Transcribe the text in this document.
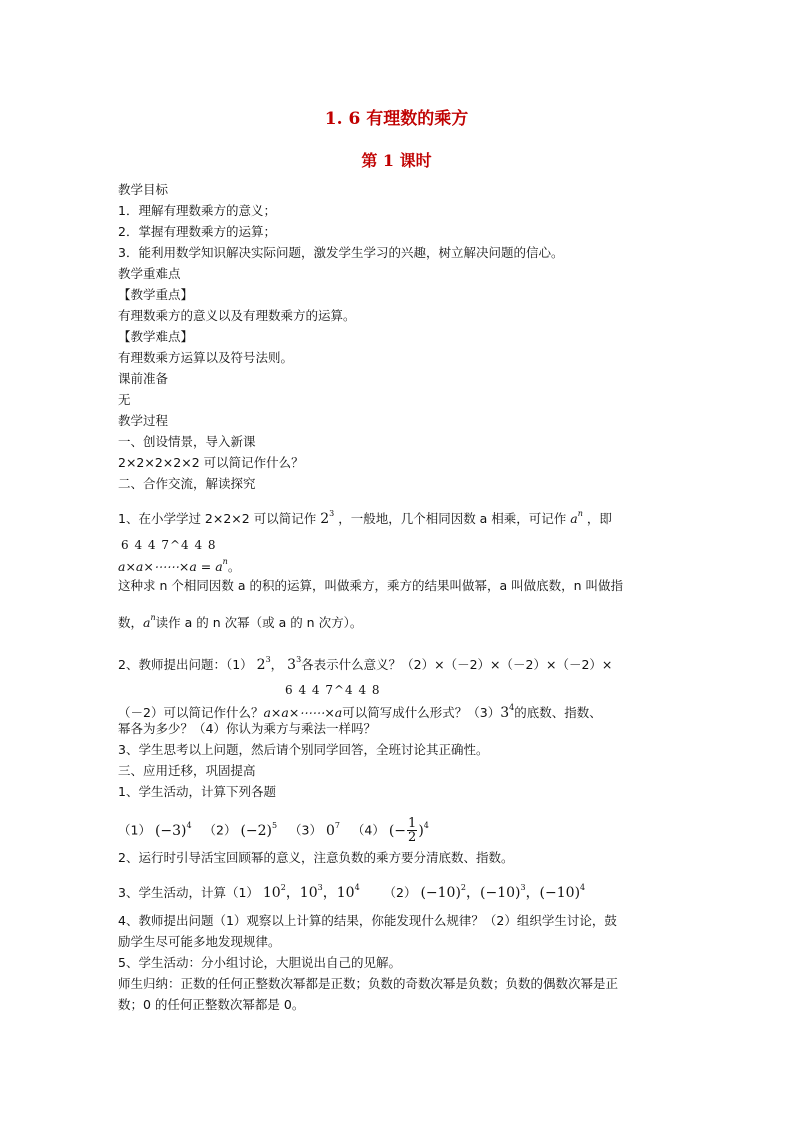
1. 6 有理数的乘方
第 1 课时
教学目标
1．理解有理数乘方的意义；
2．掌握有理数乘方的运算；
3．能利用数学知识解决实际问题，激发学生学习的兴趣，树立解决问题的信心。
教学重难点
【教学重点】
有理数乘方的意义以及有理数乘方的运算。
【教学难点】
有理数乘方运算以及符号法则。
课前准备
无
教学过程
一、创设情景，导入新课
2×2×2×2×2 可以简记作什么？
二、合作交流，解读探究
1、在小学学过 2×2×2 可以简记作 $2^3$ ，一般地，几个相同因数 a 相乘，可记作 $a^n$ ，即
6 4 4 7^4 4 8
a×a×⋯⋯×a = $a^n$。
这种求 n 个相同因数 a 的积的运算，叫做乘方，乘方的结果叫做幂，a 叫做底数，n 叫做指
数，$a^n$读作 a 的 n 次幂（或 a 的 n 次方）。
2、教师提出问题：（1） $2^3$， $3^3$各表示什么意义？（2）×（－2）×（－2）×（－2）×
6 4 4 7^4 4 8
（－2）可以简记作什么？a×a×⋯⋯×a可以简写成什么形式？$(3)3^4$的底数、指数、
幂各为多少？（4）你认为乘方与乘法一样吗？
3、学生思考以上问题，然后请个别同学回答，全班讨论其正确性。
三、应用迁移，巩固提高
1、学生活动，计算下列各题
（1） $(-3)^4$ （2） $(-2)^5$ （3） $0^7$ （4） (− $\frac{1}{2} )^4$
2、运行时引导活宝回顾幂的意义，注意负数的乘方要分清底数、指数。
3、学生活动，计算（1） $10^2$，$10^3$，$10^4$ （2） $(-10)^2$，$(-10)^3$，$(-10)^4$
4、教师提出问题（1）观察以上计算的结果，你能发现什么规律？（2）组织学生讨论，鼓
励学生尽可能多地发现规律。
5、学生活动：分小组讨论，大胆说出自己的见解。
师生归纳：正数的任何正整数次幂都是正数；负数的奇数次幂是负数；负数的偶数次幂是正
数；0 的任何正整数次幂都是 0。
